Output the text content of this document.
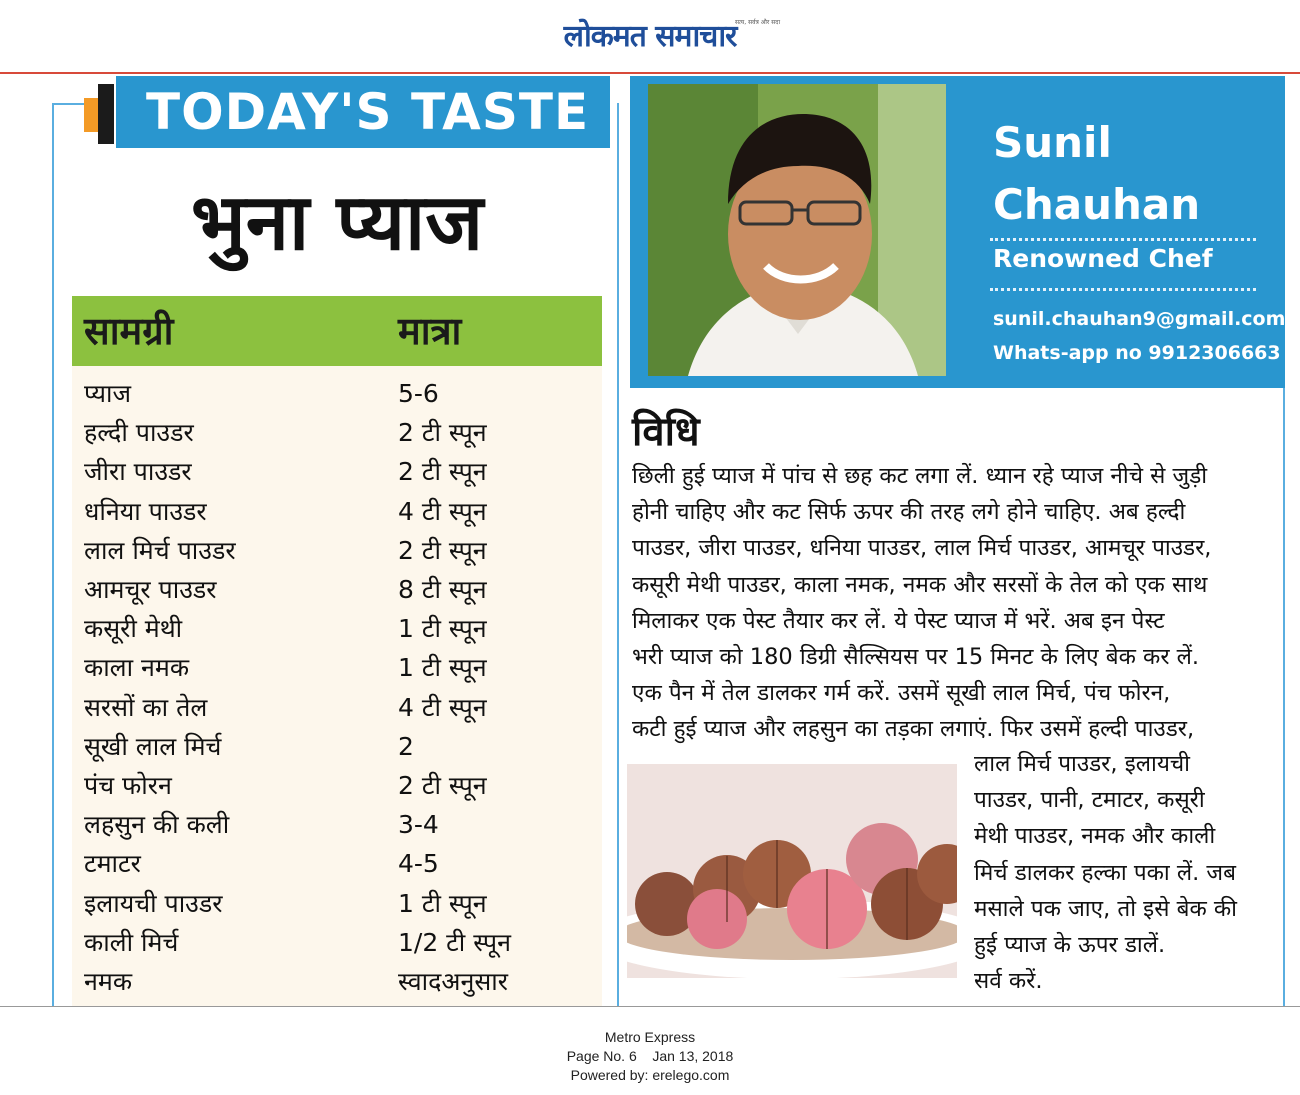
लोकमत समाचार
सत्य, सर्वत्र और सदा
TODAY'S TASTE
भुना प्याज
सामग्री	मात्रा
प्याज	5-6
हल्दी पाउडर	2 टी स्पून
जीरा पाउडर	2 टी स्पून
धनिया पाउडर	4 टी स्पून
लाल मिर्च पाउडर	2 टी स्पून
आमचूर पाउडर	8 टी स्पून
कसूरी मेथी	1 टी स्पून
काला नमक	1 टी स्पून
सरसों का तेल	4 टी स्पून
सूखी लाल मिर्च	2
पंच फोरन	2 टी स्पून
लहसुन की कली	3-4
टमाटर	4-5
इलायची पाउडर	1 टी स्पून
काली मिर्च	1/2 टी स्पून
नमक	स्वादअनुसार
Sunil
Chauhan
Renowned Chef
sunil.chauhan9@gmail.com
Whats-app no 9912306663
विधि
छिली हुई प्याज में पांच से छह कट लगा लें. ध्यान रहे प्याज नीचे से जुड़ी
होनी चाहिए और कट सिर्फ ऊपर की तरह लगे होने चाहिए. अब हल्दी
पाउडर, जीरा पाउडर, धनिया पाउडर, लाल मिर्च पाउडर, आमचूर पाउडर,
कसूरी मेथी पाउडर, काला नमक, नमक और सरसों के तेल को एक साथ
मिलाकर एक पेस्ट तैयार कर लें. ये पेस्ट प्याज में भरें. अब इन पेस्ट
भरी प्याज को 180 डिग्री सैल्सियस पर 15 मिनट के लिए बेक कर लें.
एक पैन में तेल डालकर गर्म करें. उसमें सूखी लाल मिर्च, पंच फोरन,
कटी हुई प्याज और लहसुन का तड़का लगाएं. फिर उसमें हल्दी पाउडर,
लाल मिर्च पाउडर, इलायची
पाउडर, पानी, टमाटर, कसूरी
मेथी पाउडर, नमक और काली
मिर्च डालकर हल्का पका लें. जब
मसाले पक जाए, तो इसे बेक की
हुई प्याज के ऊपर डालें.
सर्व करें.
Metro Express
Page No. 6 Jan 13, 2018
Powered by: erelego.com
